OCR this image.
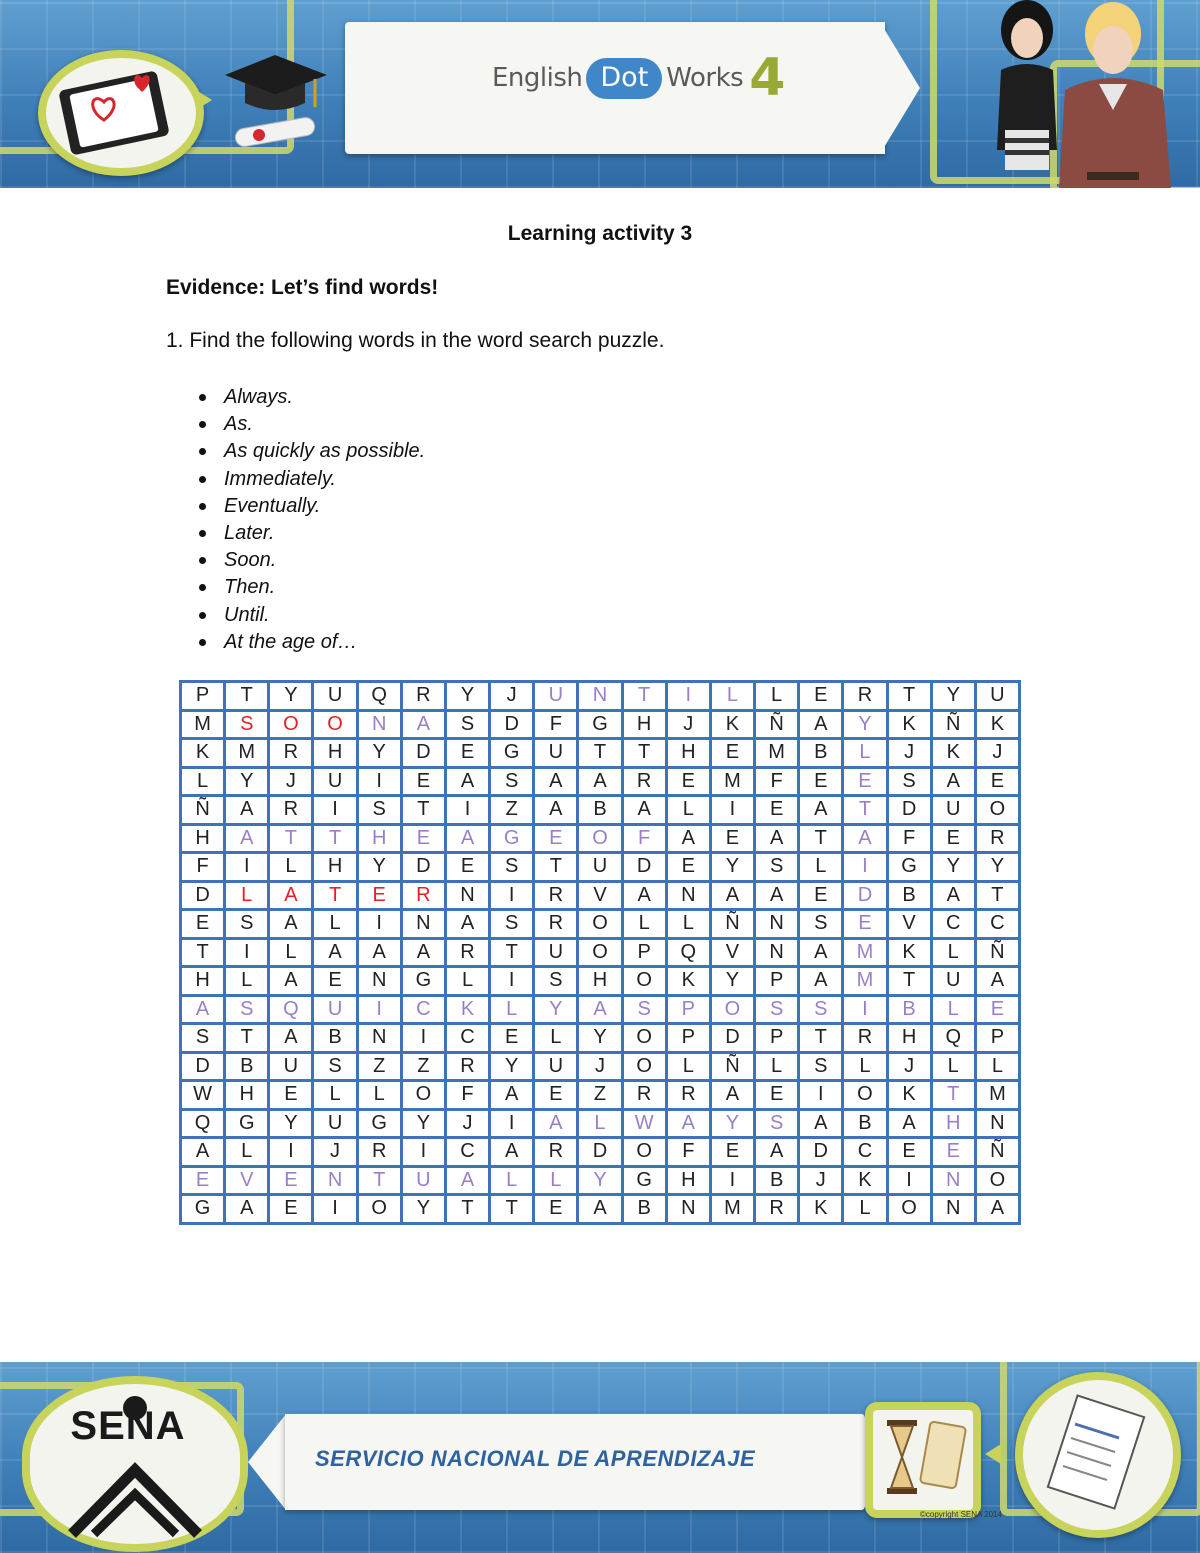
English Dot Works 4
Learning activity 3
Evidence: Let’s find words!
1. Find the following words in the word search puzzle.
Always.
As.
As quickly as possible.
Immediately.
Eventually.
Later.
Soon.
Then.
Until.
At the age of…
P	T	Y	U	Q	R	Y	J	U	N	T	I	L	L	E	R	T	Y	U
M	S	O	O	N	A	S	D	F	G	H	J	K	Ñ	A	Y	K	Ñ	K
K	M	R	H	Y	D	E	G	U	T	T	H	E	M	B	L	J	K	J
L	Y	J	U	I	E	A	S	A	A	R	E	M	F	E	E	S	A	E
Ñ	A	R	I	S	T	I	Z	A	B	A	L	I	E	A	T	D	U	O
H	A	T	T	H	E	A	G	E	O	F	A	E	A	T	A	F	E	R
F	I	L	H	Y	D	E	S	T	U	D	E	Y	S	L	I	G	Y	Y
D	L	A	T	E	R	N	I	R	V	A	N	A	A	E	D	B	A	T
E	S	A	L	I	N	A	S	R	O	L	L	Ñ	N	S	E	V	C	C
T	I	L	A	A	A	R	T	U	O	P	Q	V	N	A	M	K	L	Ñ
H	L	A	E	N	G	L	I	S	H	O	K	Y	P	A	M	T	U	A
A	S	Q	U	I	C	K	L	Y	A	S	P	O	S	S	I	B	L	E
S	T	A	B	N	I	C	E	L	Y	O	P	D	P	T	R	H	Q	P
D	B	U	S	Z	Z	R	Y	U	J	O	L	Ñ	L	S	L	J	L	L
W	H	E	L	L	O	F	A	E	Z	R	R	A	E	I	O	K	T	M
Q	G	Y	U	G	Y	J	I	A	L	W	A	Y	S	A	B	A	H	N
A	L	I	J	R	I	C	A	R	D	O	F	E	A	D	C	E	E	Ñ
E	V	E	N	T	U	A	L	L	Y	G	H	I	B	J	K	I	N	O
G	A	E	I	O	Y	T	T	E	A	B	N	M	R	K	L	O	N	A
SENA
SERVICIO NACIONAL DE APRENDIZAJE
©copyright SENA 2014
